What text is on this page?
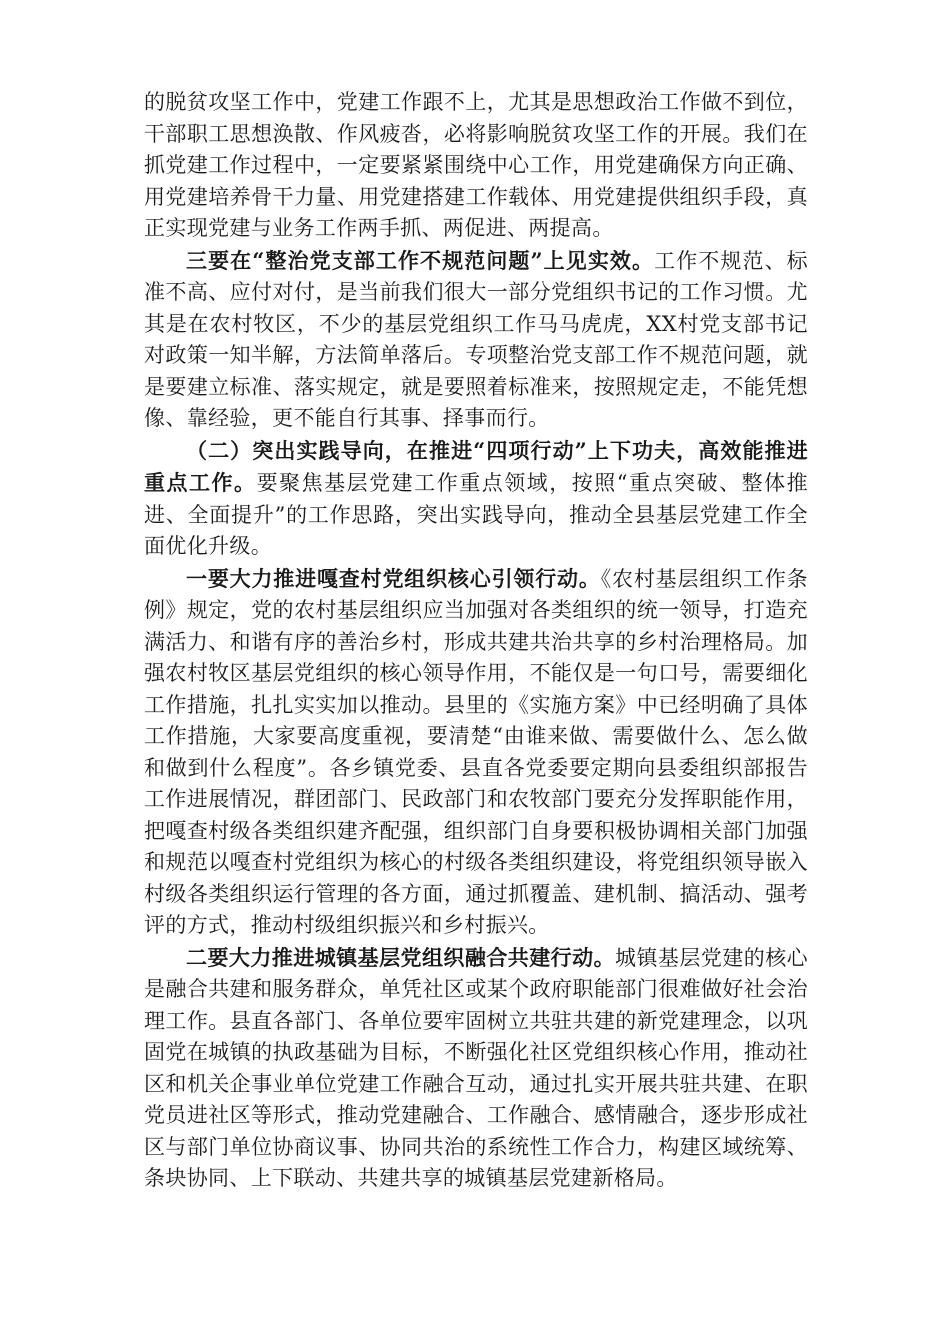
的脱贫攻坚工作中，党建工作跟不上，尤其是思想政治工作做不到位，干部职工思想涣散、作风疲沓，必将影响脱贫攻坚工作的开展。我们在抓党建工作过程中，一定要紧紧围绕中心工作，用党建确保方向正确、用党建培养骨干力量、用党建搭建工作载体、用党建提供组织手段，真正实现党建与业务工作两手抓、两促进、两提高。

三要在“整治党支部工作不规范问题”上见实效。工作不规范、标准不高、应付对付，是当前我们很大一部分党组织书记的工作习惯。尤其是在农村牧区，不少的基层党组织工作马马虎虎，XX村党支部书记对政策一知半解，方法简单落后。专项整治党支部工作不规范问题，就是要建立标准、落实规定，就是要照着标准来，按照规定走，不能凭想像、靠经验，更不能自行其事、择事而行。

（二）突出实践导向，在推进“四项行动”上下功夫，高效能推进重点工作。要聚焦基层党建工作重点领域，按照“重点突破、整体推进、全面提升”的工作思路，突出实践导向，推动全县基层党建工作全面优化升级。

一要大力推进嘎查村党组织核心引领行动。《农村基层组织工作条例》规定，党的农村基层组织应当加强对各类组织的统一领导，打造充满活力、和谐有序的善治乡村，形成共建共治共享的乡村治理格局。加强农村牧区基层党组织的核心领导作用，不能仅是一句口号，需要细化工作措施，扎扎实实加以推动。县里的《实施方案》中已经明确了具体工作措施，大家要高度重视，要清楚“由谁来做、需要做什么、怎么做和做到什么程度”。各乡镇党委、县直各党委要定期向县委组织部报告工作进展情况，群团部门、民政部门和农牧部门要充分发挥职能作用，把嘎查村级各类组织建齐配强，组织部门自身要积极协调相关部门加强和规范以嘎查村党组织为核心的村级各类组织建设，将党组织领导嵌入村级各类组织运行管理的各方面，通过抓覆盖、建机制、搞活动、强考评的方式，推动村级组织振兴和乡村振兴。

二要大力推进城镇基层党组织融合共建行动。城镇基层党建的核心是融合共建和服务群众，单凭社区或某个政府职能部门很难做好社会治理工作。县直各部门、各单位要牢固树立共驻共建的新党建理念，以巩固党在城镇的执政基础为目标，不断强化社区党组织核心作用，推动社区和机关企事业单位党建工作融合互动，通过扎实开展共驻共建、在职党员进社区等形式，推动党建融合、工作融合、感情融合，逐步形成社区与部门单位协商议事、协同共治的系统性工作合力，构建区域统筹、条块协同、上下联动、共建共享的城镇基层党建新格局。
